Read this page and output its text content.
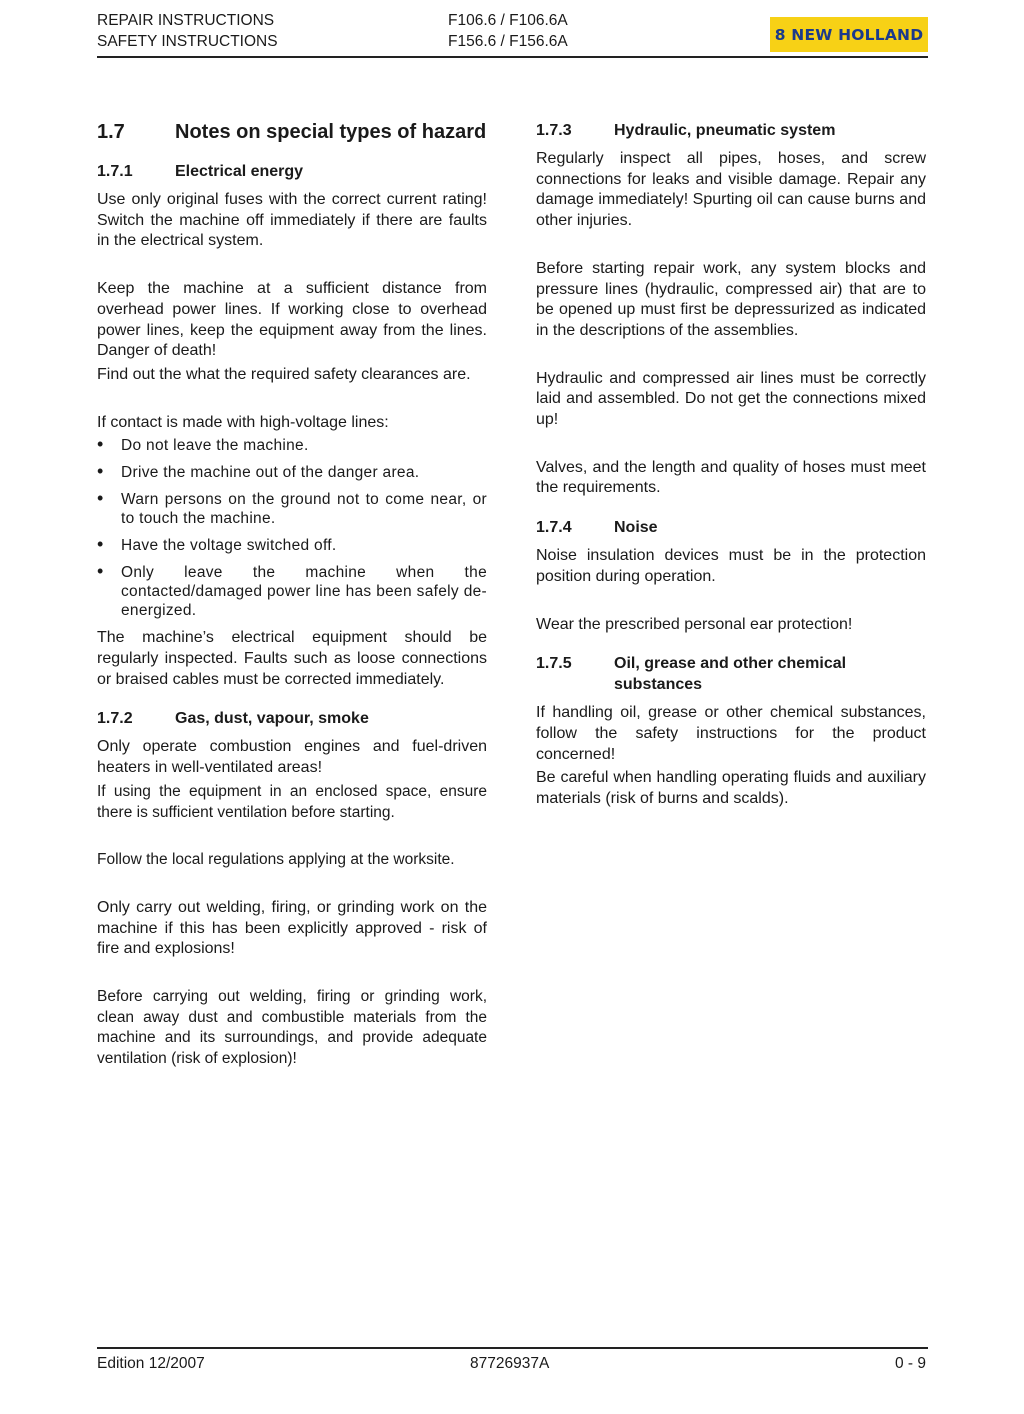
REPAIR INSTRUCTIONS
SAFETY INSTRUCTIONS
F106.6 / F106.6A
F156.6 / F156.6A	8 NEW HOLLAND
1.7	Notes on special types of hazard
1.7.1	Electrical energy

Use only original fuses with the correct current rating! Switch the machine off immediately if there are faults in the electrical system.

Keep the machine at a sufficient distance from overhead power lines. If working close to overhead power lines, keep the equipment away from the lines. Danger of death!

Find out the what the required safety clearances are.

If contact is made with high-voltage lines:

• Do not leave the machine.
• Drive the machine out of the danger area.
• Warn persons on the ground not to come near, or to touch the machine.
• Have the voltage switched off.
• Only leave the machine when the contacted/damaged power line has been safely de-energized.

The machine’s electrical equipment should be regularly inspected. Faults such as loose connections or braised cables must be corrected immediately.

1.7.2	Gas, dust, vapour, smoke

Only operate combustion engines and fuel-driven heaters in well-ventilated areas!

If using the equipment in an enclosed space, ensure there is sufficient ventilation before starting.

Follow the local regulations applying at the worksite.

Only carry out welding, firing, or grinding work on the machine if this has been explicitly approved - risk of fire and explosions!

Before carrying out welding, firing or grinding work, clean away dust and combustible materials from the machine and its surroundings, and provide adequate ventilation (risk of explosion)!

1.7.3	Hydraulic, pneumatic system

Regularly inspect all pipes, hoses, and screw connections for leaks and visible damage. Repair any damage immediately! Spurting oil can cause burns and other injuries.

Before starting repair work, any system blocks and pressure lines (hydraulic, compressed air) that are to be opened up must first be depressurized as indicated in the descriptions of the assemblies.

Hydraulic and compressed air lines must be correctly laid and assembled. Do not get the connections mixed up!

Valves, and the length and quality of hoses must meet the requirements.

1.7.4	Noise

Noise insulation devices must be in the protection position during operation.

Wear the prescribed personal ear protection!

1.7.5	Oil, grease and other chemical substances

If handling oil, grease or other chemical substances, follow the safety instructions for the product concerned!

Be careful when handling operating fluids and auxiliary materials (risk of burns and scalds).

Edition 12/2007	87726937A	0 - 9
